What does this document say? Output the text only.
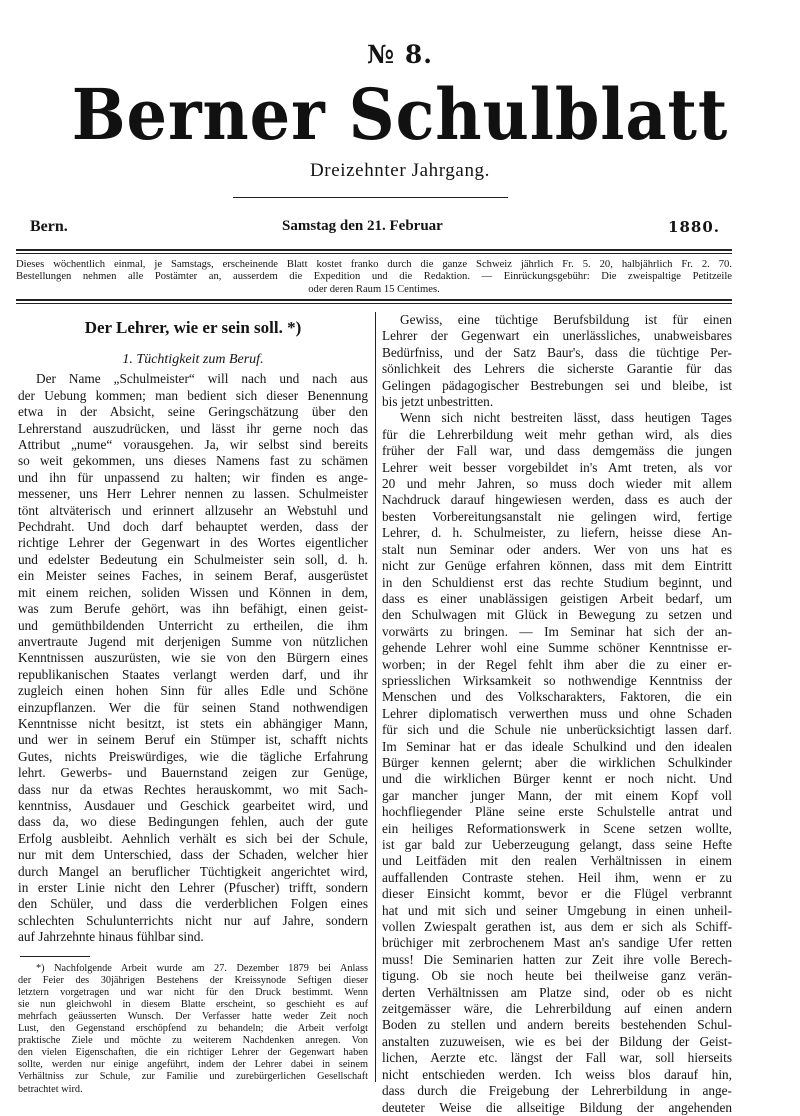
№ 8.
Berner Schulblatt
Dreizehnter Jahrgang.
Bern.	Samstag den 21. Februar	1880.
Dieses wöchentlich einmal, je Samstags, erscheinende Blatt kostet franko durch die ganze Schweiz jährlich Fr. 5. 20, halbjährlich Fr. 2. 70.
Bestellungen nehmen alle Postämter an, ausserdem die Expedition und die Redaktion. — Einrückungsgebühr: Die zweispaltige Petitzeile
oder deren Raum 15 Centimes.
Der Lehrer, wie er sein soll. *)
1. Tüchtigkeit zum Beruf.
Der Name „Schulmeister“ will nach und nach aus
der Uebung kommen; man bedient sich dieser Benennung
etwa in der Absicht, seine Geringschätzung über den
Lehrerstand auszudrücken, und lässt ihr gerne noch das
Attribut „nume“ vorausgehen. Ja, wir selbst sind bereits
so weit gekommen, uns dieses Namens fast zu schämen
und ihn für unpassend zu halten; wir finden es ange-
messener, uns Herr Lehrer nennen zu lassen. Schulmeister
tönt altväterisch und erinnert allzusehr an Webstuhl und
Pechdraht. Und doch darf behauptet werden, dass der
richtige Lehrer der Gegenwart in des Wortes eigentlicher
und edelster Bedeutung ein Schulmeister sein soll, d. h.
ein Meister seines Faches, in seinem Beraf, ausgerüstet
mit einem reichen, soliden Wissen und Können in dem,
was zum Berufe gehört, was ihn befähigt, einen geist-
und gemüthbildenden Unterricht zu ertheilen, die ihm
anvertraute Jugend mit derjenigen Summe von nützlichen
Kenntnissen auszurüsten, wie sie von den Bürgern eines
republikanischen Staates verlangt werden darf, und ihr
zugleich einen hohen Sinn für alles Edle und Schöne
einzupflanzen. Wer die für seinen Stand nothwendigen
Kenntnisse nicht besitzt, ist stets ein abhängiger Mann,
und wer in seinem Beruf ein Stümper ist, schafft nichts
Gutes, nichts Preiswürdiges, wie die tägliche Erfahrung
lehrt. Gewerbs- und Bauernstand zeigen zur Genüge,
dass nur da etwas Rechtes herauskommt, wo mit Sach-
kenntniss, Ausdauer und Geschick gearbeitet wird, und
dass da, wo diese Bedingungen fehlen, auch der gute
Erfolg ausbleibt. Aehnlich verhält es sich bei der Schule,
nur mit dem Unterschied, dass der Schaden, welcher hier
durch Mangel an beruflicher Tüchtigkeit angerichtet wird,
in erster Linie nicht den Lehrer (Pfuscher) trifft, sondern
den Schüler, und dass die verderblichen Folgen eines
schlechten Schulunterrichts nicht nur auf Jahre, sondern
auf Jahrzehnte hinaus fühlbar sind.
*) Nachfolgende Arbeit wurde am 27. Dezember 1879 bei Anlass
der Feier des 30jährigen Bestehens der Kreissynode Seftigen dieser
letztern vorgetragen und war nicht für den Druck bestimmt. Wenn
sie nun gleichwohl in diesem Blatte erscheint, so geschieht es auf
mehrfach geäusserten Wunsch. Der Verfasser hatte weder Zeit noch
Lust, den Gegenstand erschöpfend zu behandeln; die Arbeit verfolgt
praktische Ziele und möchte zu weiterem Nachdenken anregen. Von
den vielen Eigenschaften, die ein richtiger Lehrer der Gegenwart haben
sollte, werden nur einige angeführt, indem der Lehrer dabei in seinem
Verhältniss zur Schule, zur Familie und zurebürgerlichen Gesellschaft
betrachtet wird.
Gewiss, eine tüchtige Berufsbildung ist für einen
Lehrer der Gegenwart ein unerlässliches, unabweisbares
Bedürfniss, und der Satz Baur's, dass die tüchtige Per-
sönlichkeit des Lehrers die sicherste Garantie für das
Gelingen pädagogischer Bestrebungen sei und bleibe, ist
bis jetzt unbestritten.
Wenn sich nicht bestreiten lässt, dass heutigen Tages
für die Lehrerbildung weit mehr gethan wird, als dies
früher der Fall war, und dass demgemäss die jungen
Lehrer weit besser vorgebildet in's Amt treten, als vor
20 und mehr Jahren, so muss doch wieder mit allem
Nachdruck darauf hingewiesen werden, dass es auch der
besten Vorbereitungsanstalt nie gelingen wird, fertige
Lehrer, d. h. Schulmeister, zu liefern, heisse diese An-
stalt nun Seminar oder anders. Wer von uns hat es
nicht zur Genüge erfahren können, dass mit dem Eintritt
in den Schuldienst erst das rechte Studium beginnt, und
dass es einer unablässigen geistigen Arbeit bedarf, um
den Schulwagen mit Glück in Bewegung zu setzen und
vorwärts zu bringen. — Im Seminar hat sich der an-
gehende Lehrer wohl eine Summe schöner Kenntnisse er-
worben; in der Regel fehlt ihm aber die zu einer er-
spriesslichen Wirksamkeit so nothwendige Kenntniss der
Menschen und des Volkscharakters, Faktoren, die ein
Lehrer diplomatisch verwerthen muss und ohne Schaden
für sich und die Schule nie unberücksichtigt lassen darf.
Im Seminar hat er das ideale Schulkind und den idealen
Bürger kennen gelernt; aber die wirklichen Schulkinder
und die wirklichen Bürger kennt er noch nicht. Und
gar mancher junger Mann, der mit einem Kopf voll
hochfliegender Pläne seine erste Schulstelle antrat und
ein heiliges Reformationswerk in Scene setzen wollte,
ist gar bald zur Ueberzeugung gelangt, dass seine Hefte
und Leitfäden mit den realen Verhältnissen in einem
auffallenden Contraste stehen. Heil ihm, wenn er zu
dieser Einsicht kommt, bevor er die Flügel verbrannt
hat und mit sich und seiner Umgebung in einen unheil-
vollen Zwiespalt gerathen ist, aus dem er sich als Schiff-
brüchiger mit zerbrochenem Mast an's sandige Ufer retten
muss! Die Seminarien hatten zur Zeit ihre volle Berech-
tigung. Ob sie noch heute bei theilweise ganz verän-
derten Verhältnissen am Platze sind, oder ob es nicht
zeitgemässer wäre, die Lehrerbildung auf einen andern
Boden zu stellen und andern bereits bestehenden Schul-
anstalten zuzuweisen, wie es bei der Bildung der Geist-
lichen, Aerzte etc. längst der Fall war, soll hierseits
nicht entschieden werden. Ich weiss blos darauf hin,
dass durch die Freigebung der Lehrerbildung in ange-
deuteter Weise die allseitige Bildung der angehenden
